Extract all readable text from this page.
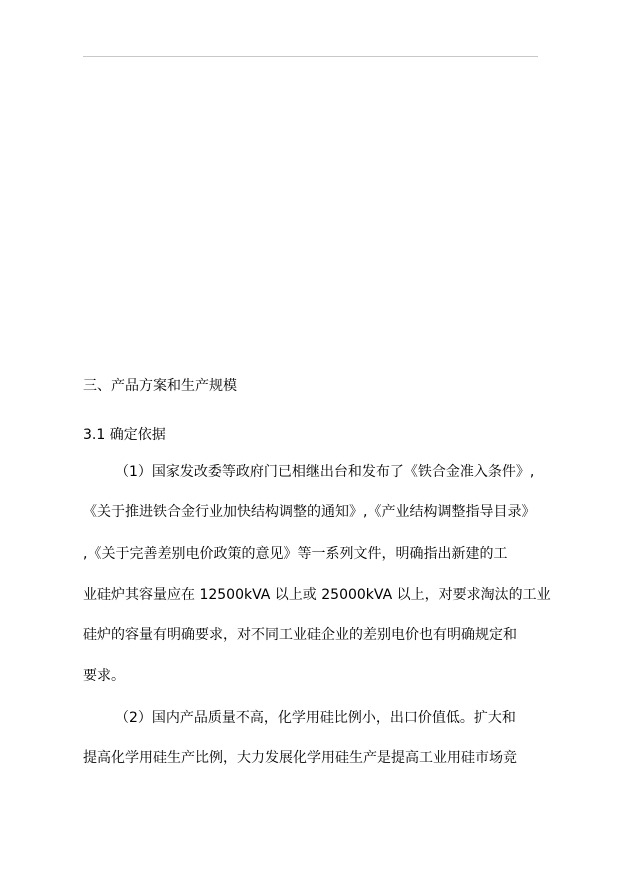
三、产品方案和生产规模
3.1 确定依据
（1）国家发改委等政府门已相继出台和发布了《铁合金准入条件》,
《关于推进铁合金行业加快结构调整的通知》,《产业结构调整指导目录》
,《关于完善差别电价政策的意见》等一系列文件，明确指出新建的工
业硅炉其容量应在 12500kVA 以上或 25000kVA 以上，对要求淘汰的工业
硅炉的容量有明确要求，对不同工业硅企业的差别电价也有明确规定和
要求。
（2）国内产品质量不高，化学用硅比例小，出口价值低。扩大和
提高化学用硅生产比例，大力发展化学用硅生产是提高工业用硅市场竞
